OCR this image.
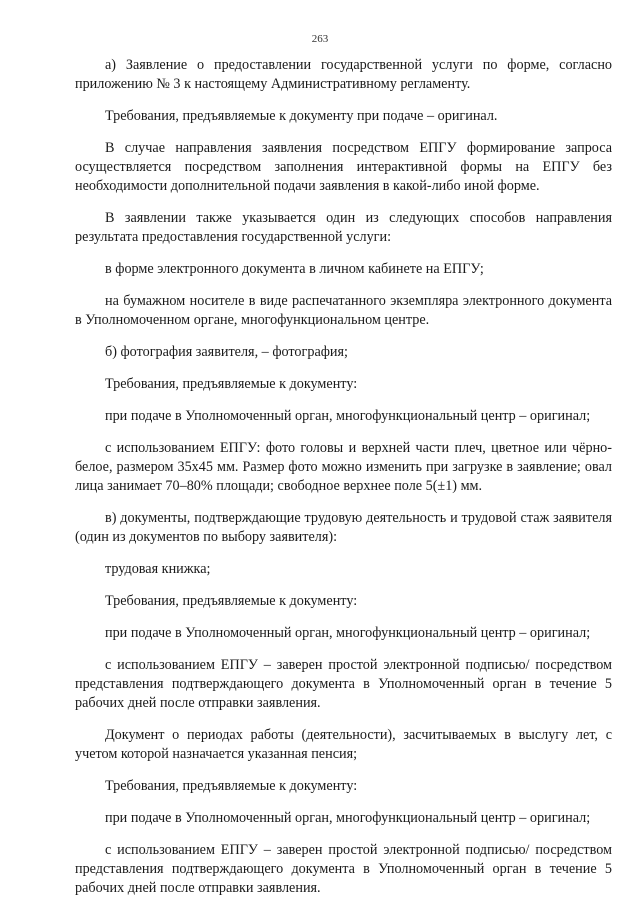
263

а) Заявление о предоставлении государственной услуги по форме, согласно приложению № 3 к настоящему Административному регламенту.

Требования, предъявляемые к документу при подаче – оригинал.

В случае направления заявления посредством ЕПГУ формирование запроса осуществляется посредством заполнения интерактивной формы на ЕПГУ без необходимости дополнительной подачи заявления в какой-либо иной форме.

В заявлении также указывается один из следующих способов направления результата предоставления государственной услуги:

в форме электронного документа в личном кабинете на ЕПГУ;

на бумажном носителе в виде распечатанного экземпляра электронного документа в Уполномоченном органе, многофункциональном центре.

б) фотография заявителя, – фотография;

Требования, предъявляемые к документу:

при подаче в Уполномоченный орган, многофункциональный центр – оригинал;

с использованием ЕПГУ: фото головы и верхней части плеч, цветное или чёрно-белое, размером 35х45 мм. Размер фото можно изменить при загрузке в заявление; овал лица занимает 70–80% площади; свободное верхнее поле 5(±1) мм.

в) документы, подтверждающие трудовую деятельность и трудовой стаж заявителя (один из документов по выбору заявителя):

трудовая книжка;

Требования, предъявляемые к документу:

при подаче в Уполномоченный орган, многофункциональный центр – оригинал;

с использованием ЕПГУ – заверен простой электронной подписью/ посредством представления подтверждающего документа в Уполномоченный орган в течение 5 рабочих дней после отправки заявления.

Документ о периодах работы (деятельности), засчитываемых в выслугу лет, с учетом которой назначается указанная пенсия;

Требования, предъявляемые к документу:

при подаче в Уполномоченный орган, многофункциональный центр – оригинал;

с использованием ЕПГУ – заверен простой электронной подписью/ посредством представления подтверждающего документа в Уполномоченный орган в течение 5 рабочих дней после отправки заявления.
